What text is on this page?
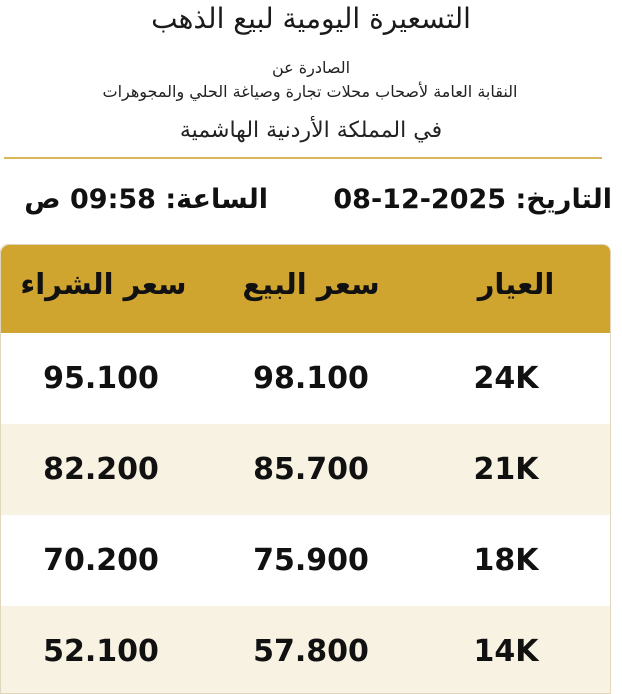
التسعيرة اليومية لبيع الذهب
الصادرة عن
النقابة العامة لأصحاب محلات تجارة وصياغة الحلي والمجوهرات
في المملكة الأردنية الهاشمية
التاريخ: 08-12-2025
الساعة: 09:58 ص
العيار
سعر البيع
سعر الشراء
24K
98.100
95.100
21K
85.700
82.200
18K
75.900
70.200
14K
57.800
52.100
